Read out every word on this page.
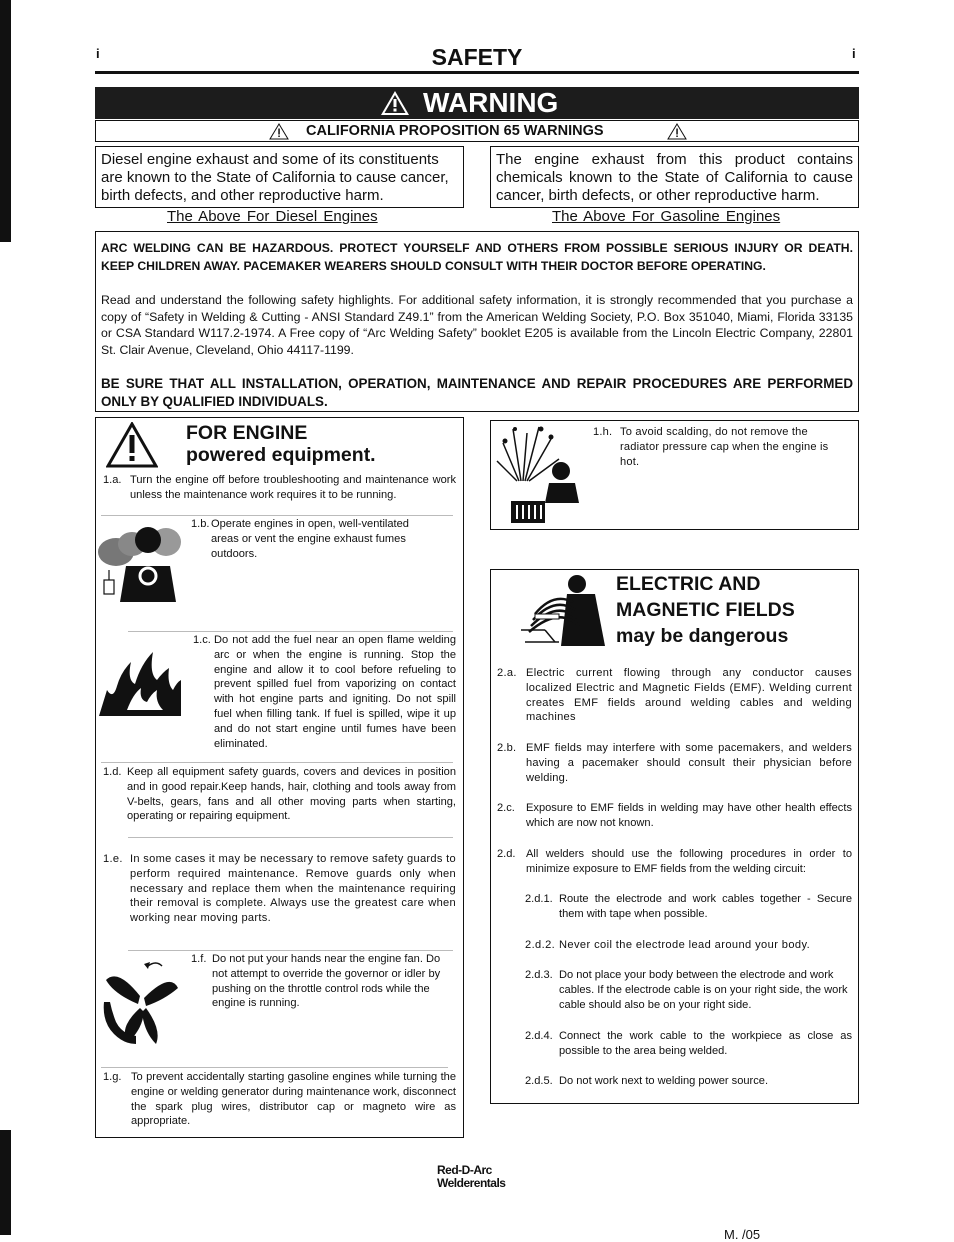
i	i
SAFETY
WARNING
CALIFORNIA PROPOSITION 65 WARNINGS
Diesel engine exhaust and some of its constituents are known to the State of California to cause cancer, birth defects, and other reproductive harm.
The engine exhaust from this product contains chemicals known to the State of California to cause cancer, birth defects, or other reproductive harm.
The Above For Diesel Engines	The Above For Gasoline Engines

ARC WELDING CAN BE HAZARDOUS. PROTECT YOURSELF AND OTHERS FROM POSSIBLE SERIOUS INJURY OR DEATH. KEEP CHILDREN AWAY. PACEMAKER WEARERS SHOULD CONSULT WITH THEIR DOCTOR BEFORE OPERATING.

Read and understand the following safety highlights. For additional safety information, it is strongly recommended that you purchase a copy of “Safety in Welding & Cutting - ANSI Standard Z49.1” from the American Welding Society, P.O. Box 351040, Miami, Florida 33135 or CSA Standard W117.2-1974. A Free copy of “Arc Welding Safety” booklet E205 is available from the Lincoln Electric Company, 22801 St. Clair Avenue, Cleveland, Ohio 44117-1199.

BE SURE THAT ALL INSTALLATION, OPERATION, MAINTENANCE AND REPAIR PROCEDURES ARE PERFORMED ONLY BY QUALIFIED INDIVIDUALS.

FOR ENGINE
powered equipment.
1.a. Turn the engine off before troubleshooting and maintenance work unless the maintenance work requires it to be running.
1.b. Operate engines in open, well-ventilated areas or vent the engine exhaust fumes outdoors.
1.c. Do not add the fuel near an open flame welding arc or when the engine is running. Stop the engine and allow it to cool before refueling to prevent spilled fuel from vaporizing on contact with hot engine parts and igniting. Do not spill fuel when filling tank. If fuel is spilled, wipe it up and do not start engine until fumes have been eliminated.
1.d. Keep all equipment safety guards, covers and devices in position and in good repair.Keep hands, hair, clothing and tools away from V-belts, gears, fans and all other moving parts when starting, operating or repairing equipment.
1.e. In some cases it may be necessary to remove safety guards to perform required maintenance. Remove guards only when necessary and replace them when the maintenance requiring their removal is complete. Always use the greatest care when working near moving parts.
1.f. Do not put your hands near the engine fan. Do not attempt to override the governor or idler by pushing on the throttle control rods while the engine is running.
1.g. To prevent accidentally starting gasoline engines while turning the engine or welding generator during maintenance work, disconnect the spark plug wires, distributor cap or magneto wire as appropriate.
1.h. To avoid scalding, do not remove the radiator pressure cap when the engine is hot.
ELECTRIC AND
MAGNETIC FIELDS
may be dangerous
2.a. Electric current flowing through any conductor causes localized Electric and Magnetic Fields (EMF). Welding current creates EMF fields around welding cables and welding machines
2.b. EMF fields may interfere with some pacemakers, and welders having a pacemaker should consult their physician before welding.
2.c. Exposure to EMF fields in welding may have other health effects which are now not known.
2.d. All welders should use the following procedures in order to minimize exposure to EMF fields from the welding circuit:
2.d.1. Route the electrode and work cables together - Secure them with tape when possible.
2.d.2. Never coil the electrode lead around your body.
2.d.3. Do not place your body between the electrode and work cables. If the electrode cable is on your right side, the work cable should also be on your right side.
2.d.4. Connect the work cable to the workpiece as close as possible to the area being welded.
2.d.5. Do not work next to welding power source.
Red-D-Arc
Welderentals
M. /05
